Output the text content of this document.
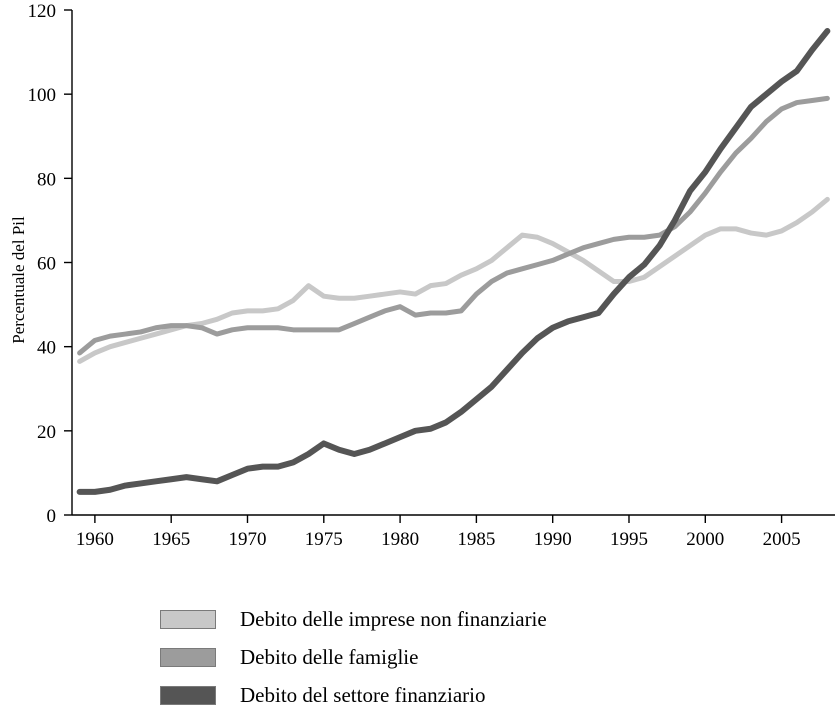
Percentuale del Pil
0
20
40
60
80
100
120
1960 1965 1970 1975 1980 1985 1990 1995 2000 2005
Debito delle imprese non finanziarie
Debito delle famiglie
Debito del settore finanziario
